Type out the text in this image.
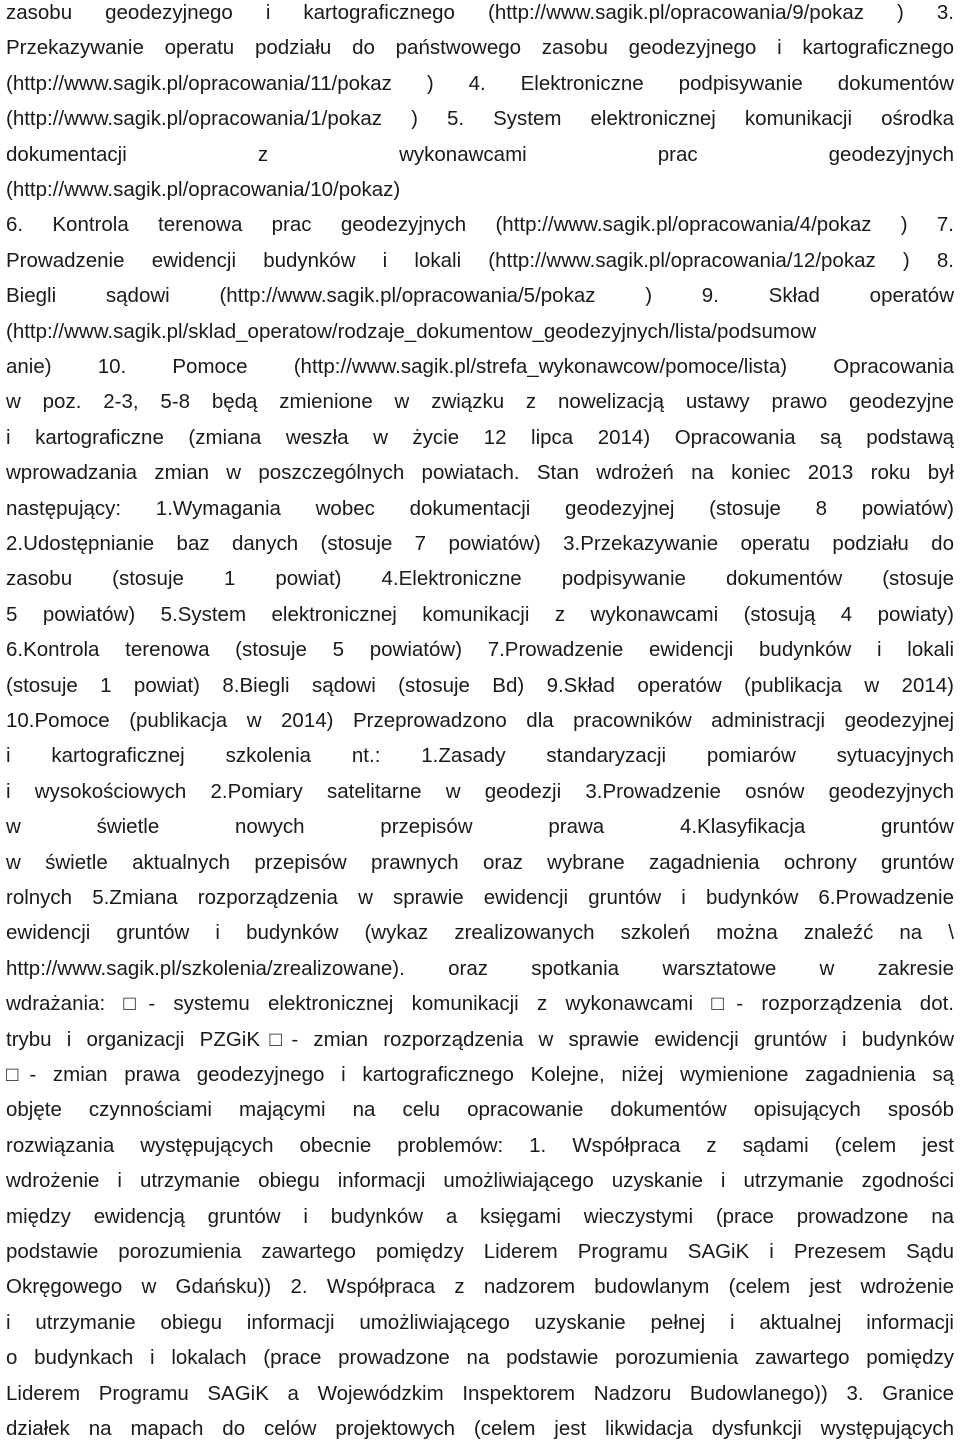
zasobu geodezyjnego i kartograficznego (http://www.sagik.pl/opracowania/9/pokaz ) 3.
Przekazywanie operatu podziału do państwowego zasobu geodezyjnego i kartograficznego
(http://www.sagik.pl/opracowania/11/pokaz ) 4. Elektroniczne podpisywanie dokumentów
(http://www.sagik.pl/opracowania/1/pokaz ) 5. System elektronicznej komunikacji ośrodka
dokumentacji z wykonawcami prac geodezyjnych
(http://www.sagik.pl/opracowania/10/pokaz)
6. Kontrola terenowa prac geodezyjnych (http://www.sagik.pl/opracowania/4/pokaz ) 7.
Prowadzenie ewidencji budynków i lokali (http://www.sagik.pl/opracowania/12/pokaz ) 8.
Biegli sądowi (http://www.sagik.pl/opracowania/5/pokaz ) 9. Skład operatów
(http://www.sagik.pl/sklad_operatow/rodzaje_dokumentow_geodezyjnych/lista/podsumow
anie) 10. Pomoce (http://www.sagik.pl/strefa_wykonawcow/pomoce/lista) Opracowania
w poz. 2-3, 5-8 będą zmienione w związku z nowelizacją ustawy prawo geodezyjne
i kartograficzne (zmiana weszła w życie 12 lipca 2014) Opracowania są podstawą
wprowadzania zmian w poszczególnych powiatach. Stan wdrożeń na koniec 2013 roku był
następujący: 1.Wymagania wobec dokumentacji geodezyjnej (stosuje 8 powiatów)
2.Udostępnianie baz danych (stosuje 7 powiatów) 3.Przekazywanie operatu podziału do
zasobu (stosuje 1 powiat) 4.Elektroniczne podpisywanie dokumentów (stosuje
5 powiatów) 5.System elektronicznej komunikacji z wykonawcami (stosują 4 powiaty)
6.Kontrola terenowa (stosuje 5 powiatów) 7.Prowadzenie ewidencji budynków i lokali
(stosuje 1 powiat) 8.Biegli sądowi (stosuje Bd) 9.Skład operatów (publikacja w 2014)
10.Pomoce (publikacja w 2014) Przeprowadzono dla pracowników administracji geodezyjnej
i kartograficznej szkolenia nt.: 1.Zasady standaryzacji pomiarów sytuacyjnych
i wysokościowych 2.Pomiary satelitarne w geodezji 3.Prowadzenie osnów geodezyjnych
w świetle nowych przepisów prawa 4.Klasyfikacja gruntów
w świetle aktualnych przepisów prawnych oraz wybrane zagadnienia ochrony gruntów
rolnych 5.Zmiana rozporządzenia w sprawie ewidencji gruntów i budynków 6.Prowadzenie
ewidencji gruntów i budynków (wykaz zrealizowanych szkoleń można znaleźć na \
http://www.sagik.pl/szkolenia/zrealizowane). oraz spotkania warsztatowe w zakresie
wdrażania: □- systemu elektronicznej komunikacji z wykonawcami □- rozporządzenia dot.
trybu i organizacji PZGiK□- zmian rozporządzenia w sprawie ewidencji gruntów i budynków
□- zmian prawa geodezyjnego i kartograficznego Kolejne, niżej wymienione zagadnienia są
objęte czynnościami mającymi na celu opracowanie dokumentów opisujących sposób
rozwiązania występujących obecnie problemów: 1. Współpraca z sądami (celem jest
wdrożenie i utrzymanie obiegu informacji umożliwiającego uzyskanie i utrzymanie zgodności
między ewidencją gruntów i budynków a księgami wieczystymi (prace prowadzone na
podstawie porozumienia zawartego pomiędzy Liderem Programu SAGiK i Prezesem Sądu
Okręgowego w Gdańsku)) 2. Współpraca z nadzorem budowlanym (celem jest wdrożenie
i utrzymanie obiegu informacji umożliwiającego uzyskanie pełnej i aktualnej informacji
o budynkach i lokalach (prace prowadzone na podstawie porozumienia zawartego pomiędzy
Liderem Programu SAGiK a Wojewódzkim Inspektorem Nadzoru Budowlanego)) 3. Granice
działek na mapach do celów projektowych (celem jest likwidacja dysfunkcji występujących
